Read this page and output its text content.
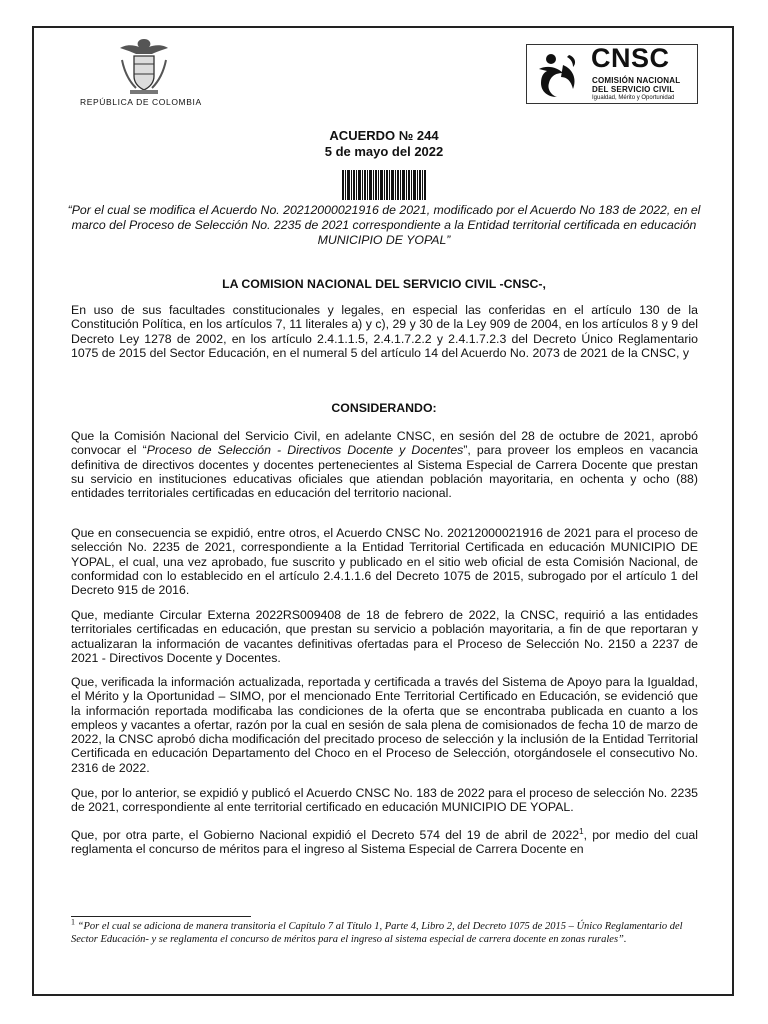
REPÚBLICA DE COLOMBIA
CNSC
COMISIÓN NACIONAL
DEL SERVICIO CIVIL
Igualdad, Mérito y Oportunidad
ACUERDO № 244
5 de mayo del 2022
“Por el cual se modifica el Acuerdo No. 20212000021916 de 2021, modificado por el Acuerdo No 183 de 2022, en el marco del Proceso de Selección No. 2235 de 2021 correspondiente a la Entidad territorial certificada en educación MUNICIPIO DE YOPAL”
LA COMISION NACIONAL DEL SERVICIO CIVIL -CNSC-,

En uso de sus facultades constitucionales y legales, en especial las conferidas en el artículo 130 de la Constitución Política, en los artículos 7, 11 literales a) y c), 29 y 30 de la Ley 909 de 2004, en los artículos 8 y 9 del Decreto Ley 1278 de 2002, en los artículo 2.4.1.1.5, 2.4.1.7.2.2 y 2.4.1.7.2.3 del Decreto Único Reglamentario 1075 de 2015 del Sector Educación, en el numeral 5 del artículo 14 del Acuerdo No. 2073 de 2021 de la CNSC, y

CONSIDERANDO:

Que la Comisión Nacional del Servicio Civil, en adelante CNSC, en sesión del 28 de octubre de 2021, aprobó convocar el “Proceso de Selección - Directivos Docente y Docentes”, para proveer los empleos en vacancia definitiva de directivos docentes y docentes pertenecientes al Sistema Especial de Carrera Docente que prestan su servicio en instituciones educativas oficiales que atiendan población mayoritaria, en ochenta y ocho (88) entidades territoriales certificadas en educación del territorio nacional.

Que en consecuencia se expidió, entre otros, el Acuerdo CNSC No. 20212000021916 de 2021 para el proceso de selección No. 2235 de 2021, correspondiente a la Entidad Territorial Certificada en educación MUNICIPIO DE YOPAL, el cual, una vez aprobado, fue suscrito y publicado en el sitio web oficial de esta Comisión Nacional, de conformidad con lo establecido en el artículo 2.4.1.1.6 del Decreto 1075 de 2015, subrogado por el artículo 1 del Decreto 915 de 2016.

Que, mediante Circular Externa 2022RS009408 de 18 de febrero de 2022, la CNSC, requirió a las entidades territoriales certificadas en educación, que prestan su servicio a población mayoritaria, a fin de que reportaran y actualizaran la información de vacantes definitivas ofertadas para el Proceso de Selección No. 2150 a 2237 de 2021 - Directivos Docente y Docentes.

Que, verificada la información actualizada, reportada y certificada a través del Sistema de Apoyo para la Igualdad, el Mérito y la Oportunidad – SIMO, por el mencionado Ente Territorial Certificado en Educación, se evidenció que la información reportada modificaba las condiciones de la oferta que se encontraba publicada en cuanto a los empleos y vacantes a ofertar, razón por la cual en sesión de sala plena de comisionados de fecha 10 de marzo de 2022, la CNSC aprobó dicha modificación del precitado proceso de selección y la inclusión de la Entidad Territorial Certificada en educación Departamento del Choco en el Proceso de Selección, otorgándosele el consecutivo No. 2316 de 2022.

Que, por lo anterior, se expidió y publicó el Acuerdo CNSC No. 183 de 2022 para el proceso de selección No. 2235 de 2021, correspondiente al ente territorial certificado en educación MUNICIPIO DE YOPAL.

Que, por otra parte, el Gobierno Nacional expidió el Decreto 574 del 19 de abril de 2022$^1$, por medio del cual reglamenta el concurso de méritos para el ingreso al Sistema Especial de Carrera Docente en

$^1$ “Por el cual se adiciona de manera transitoria el Capítulo 7 al Título 1, Parte 4, Libro 2, del Decreto 1075 de 2015 – Único Reglamentario del Sector Educación- y se reglamenta el concurso de méritos para el ingreso al sistema especial de carrera docente en zonas rurales”.
